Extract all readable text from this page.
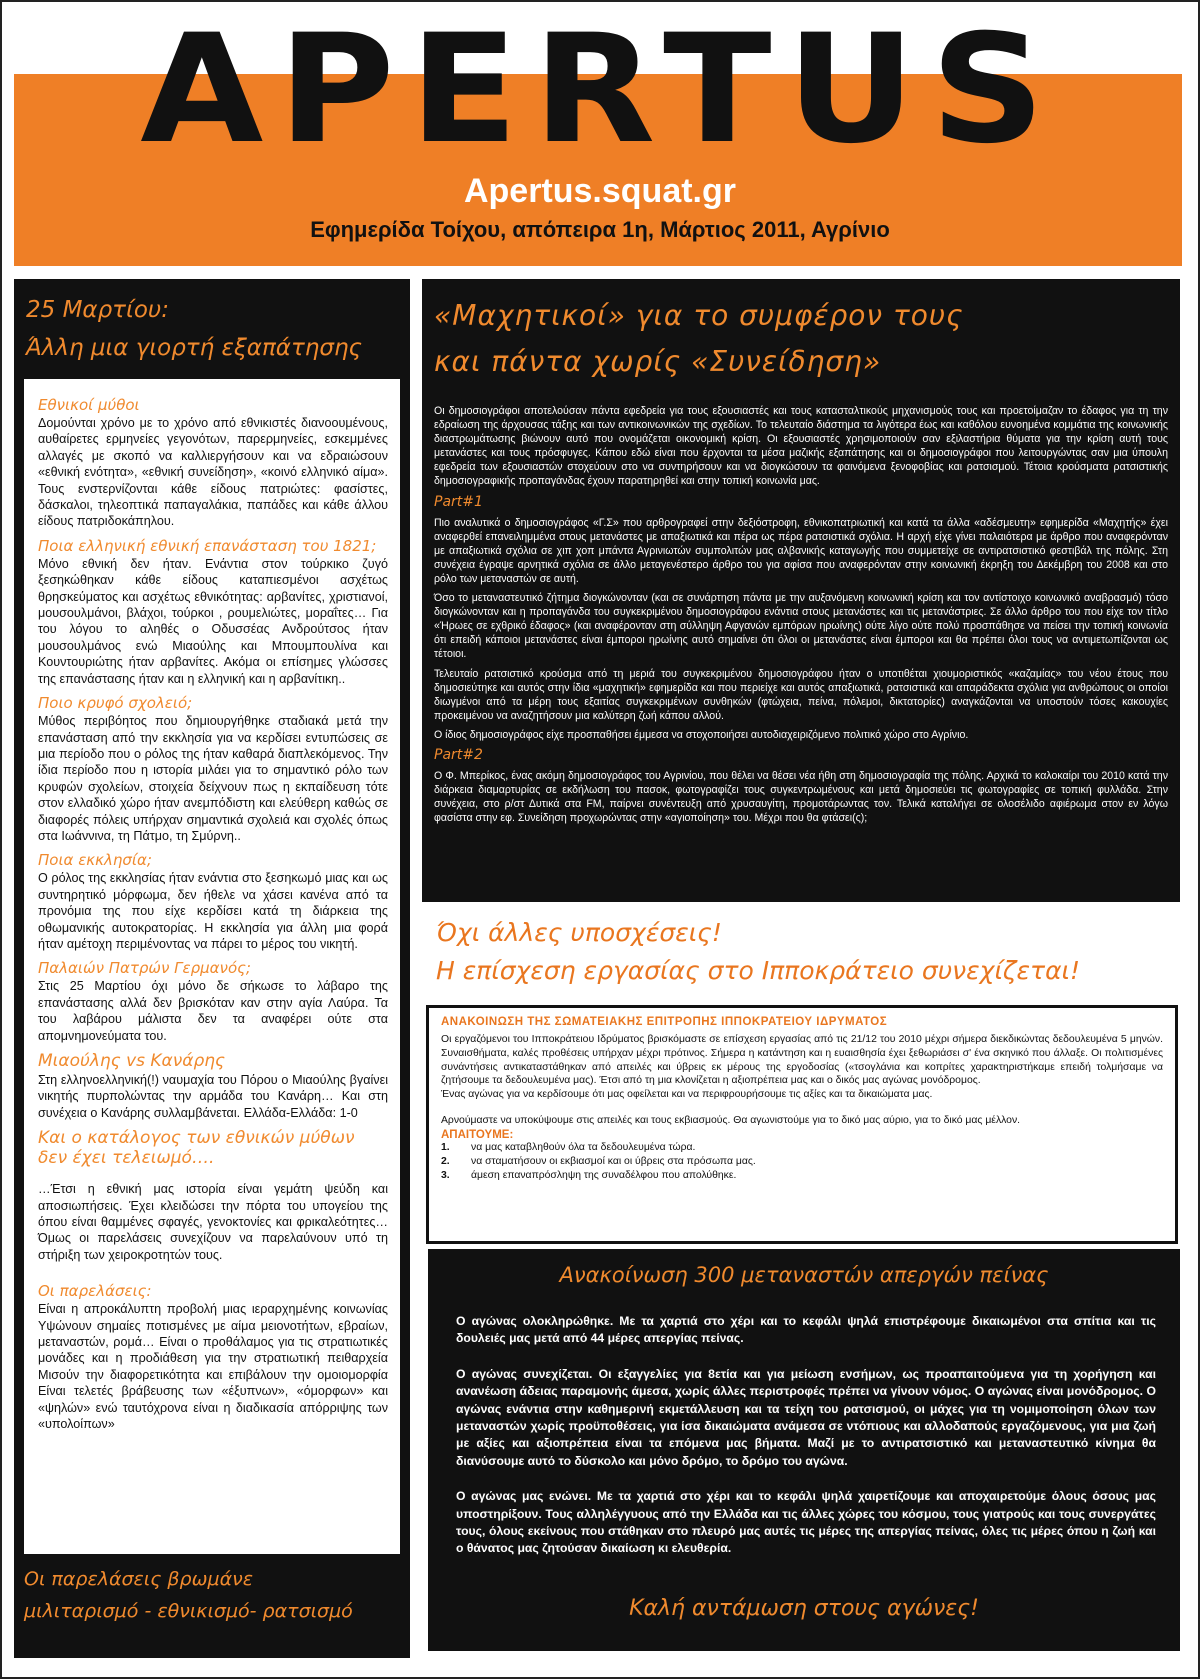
APERTUS
Apertus.squat.gr
Εφημερίδα Τοίχου, απόπειρα 1η, Μάρτιος 2011, Αγρίνιο
25 Μαρτίου:
Άλλη μια γιορτή εξαπάτησης
Εθνικοί μύθοι
Δομούνται χρόνο με το χρόνο από εθνικιστές διανοουμένους, αυθαίρετες ερμηνείες γεγονότων, παρερμηνείες, εσκεμμένες αλλαγές με σκοπό να καλλιεργήσουν και να εδραιώσουν «εθνική ενότητα», «εθνική συνείδηση», «κοινό ελληνικό αίμα». Τους ενστερνίζονται κάθε είδους πατριώτες: φασίστες, δάσκαλοι, τηλεοπτικά παπαγαλάκια, παπάδες και κάθε άλλου είδους πατριδοκάπηλου.
Ποια ελληνική εθνική επανάσταση του 1821;
Μόνο εθνική δεν ήταν. Ενάντια στον τούρκικο ζυγό ξεσηκώθηκαν κάθε είδους καταπιεσμένοι ασχέτως θρησκεύματος και ασχέτως εθνικότητας: αρβανίτες, χριστιανοί, μουσουλμάνοι, βλάχοι, τούρκοι , ρουμελιώτες, μοραΐτες… Για του λόγου το αληθές ο Οδυσσέας Ανδρούτσος ήταν μουσουλμάνος ενώ Μιαούλης και Μπουμπουλίνα και Κουντουριώτης ήταν αρβανίτες. Ακόμα οι επίσημες γλώσσες της επανάστασης ήταν και η ελληνική και η αρβανίτικη..
Ποιο κρυφό σχολειό;
Μύθος περιβόητος που δημιουργήθηκε σταδιακά μετά την επανάσταση από την εκκλησία για να κερδίσει εντυπώσεις σε μια περίοδο που ο ρόλος της ήταν καθαρά διαπλεκόμενος. Την ίδια περίοδο που η ιστορία μιλάει για το σημαντικό ρόλο των κρυφών σχολείων, στοιχεία δείχνουν πως η εκπαίδευση τότε στον ελλαδικό χώρο ήταν ανεμπόδιστη και ελεύθερη καθώς σε διαφορές πόλεις υπήρχαν σημαντικά σχολειά και σχολές όπως στα Ιωάννινα, τη Πάτμο, τη Σμύρνη..
Ποια εκκλησία;
Ο ρόλος της εκκλησίας ήταν ενάντια στο ξεσηκωμό μιας και ως συντηρητικό μόρφωμα, δεν ήθελε να χάσει κανένα από τα προνόμια της που είχε κερδίσει κατά τη διάρκεια της οθωμανικής αυτοκρατορίας. Η εκκλησία για άλλη μια φορά ήταν αμέτοχη περιμένοντας να πάρει το μέρος του νικητή.
Παλαιών Πατρών Γερμανός;
Στις 25 Μαρτίου όχι μόνο δε σήκωσε το λάβαρο της επανάστασης αλλά δεν βρισκόταν καν στην αγία Λαύρα. Τα του λαβάρου μάλιστα δεν τα αναφέρει ούτε στα απομνημονεύματα του.
Μιαούλης vs Κανάρης
Στη ελληνοελληνική(!) ναυμαχία του Πόρου ο Μιαούλης βγαίνει νικητής πυρπολώντας την αρμάδα του Κανάρη… Και στη συνέχεια ο Κανάρης συλλαμβάνεται. Ελλάδα-Ελλάδα: 1-0
Και ο κατάλογος των εθνικών μύθων δεν έχει τελειωμό….
…Έτσι η εθνική μας ιστορία είναι γεμάτη ψεύδη και αποσιωπήσεις. Έχει κλειδώσει την πόρτα του υπογείου της όπου είναι θαμμένες σφαγές, γενοκτονίες και φρικαλεότητες… Όμως οι παρελάσεις συνεχίζουν να παρελαύνουν υπό τη στήριξη των χειροκροτητών τους.
Οι παρελάσεις:
Είναι η απροκάλυπτη προβολή μιας ιεραρχημένης κοινωνίας Υψώνουν σημαίες ποτισμένες με αίμα μειονοτήτων, εβραίων, μεταναστών, ρομά… Είναι ο προθάλαμος για τις στρατιωτικές μονάδες και η προδιάθεση για την στρατιωτική πειθαρχεία Μισούν την διαφορετικότητα και επιβάλουν την ομοιομορφία Είναι τελετές βράβευσης των «έξυπνων», «όμορφων» και «ψηλών» ενώ ταυτόχρονα είναι η διαδικασία απόρριψης των «υπολοίπων»
Οι παρελάσεις βρωμάνε
μιλιταρισμό - εθνικισμό- ρατσισμό
«Μαχητικοί» για το συμφέρον τους
και πάντα χωρίς «Συνείδηση»

Οι δημοσιογράφοι αποτελούσαν πάντα εφεδρεία για τους εξουσιαστές και τους κατασταλτικούς μηχανισμούς τους και προετοίμαζαν το έδαφος για τη την εδραίωση της άρχουσας τάξης και των αντικοινωνικών της σχεδίων. Το τελευταίο διάστημα τα λιγότερα έως και καθόλου ευνοημένα κομμάτια της κοινωνικής διαστρωμάτωσης βιώνουν αυτό που ονομάζεται οικονομική κρίση. Οι εξουσιαστές χρησιμοποιούν σαν εξιλαστήρια θύματα για την κρίση αυτή τους μετανάστες και τους πρόσφυγες. Κάπου εδώ είναι που έρχονται τα μέσα μαζικής εξαπάτησης και οι δημοσιογράφοι που λειτουργώντας σαν μια ύπουλη εφεδρεία των εξουσιαστών στοχεύουν στο να συντηρήσουν και να διογκώσουν τα φαινόμενα ξενοφοβίας και ρατσισμού. Τέτοια κρούσματα ρατσιστικής δημοσιογραφικής προπαγάνδας έχουν παρατηρηθεί και στην τοπική κοινωνία μας.

Part#1

Πιο αναλυτικά ο δημοσιογράφος «Γ.Σ» που αρθρογραφεί στην δεξιόστροφη, εθνικοπατριωτική και κατά τα άλλα «αδέσμευτη» εφημερίδα «Μαχητής» έχει αναφερθεί επανειλημμένα στους μετανάστες με απαξιωτικά και πέρα ως πέρα ρατσιστικά σχόλια. Η αρχή είχε γίνει παλαιότερα με άρθρο που αναφερόνταν με απαξιωτικά σχόλια σε χιπ χοπ μπάντα Αγρινιωτών συμπολιτών μας αλβανικής καταγωγής που συμμετείχε σε αντιρατσιστικό φεστιβάλ της πόλης. Στη συνέχεια έγραψε αρνητικά σχόλια σε άλλο μεταγενέστερο άρθρο του για αφίσα που αναφερόνταν στην κοινωνική έκρηξη του Δεκέμβρη του 2008 και στο ρόλο των μεταναστών σε αυτή.

Όσο το μεταναστευτικό ζήτημα διογκώνονταν (και σε συνάρτηση πάντα με την αυξανόμενη κοινωνική κρίση και τον αντίστοιχο κοινωνικό αναβρασμό) τόσο διογκώνονταν και η προπαγάνδα του συγκεκριμένου δημοσιογράφου ενάντια στους μετανάστες και τις μετανάστριες. Σε άλλο άρθρο του που είχε τον τίτλο «Ήρωες σε εχθρικό έδαφος» (και αναφέρονταν στη σύλληψη Αφγανών εμπόρων ηρωίνης) ούτε λίγο ούτε πολύ προσπάθησε να πείσει την τοπική κοινωνία ότι επειδή κάποιοι μετανάστες είναι έμποροι ηρωίνης αυτό σημαίνει ότι όλοι οι μετανάστες είναι έμποροι και θα πρέπει όλοι τους να αντιμετωπίζονται ως τέτοιοι.

Τελευταίο ρατσιστικό κρούσμα από τη μεριά του συγκεκριμένου δημοσιογράφου ήταν ο υποτιθέται χιουμοριστικός «καζαμίας» του νέου έτους που δημοσιεύτηκε και αυτός στην ίδια «μαχητική» εφημερίδα και που περιείχε και αυτός απαξιωτικά, ρατσιστικά και απαράδεκτα σχόλια για ανθρώπους οι οποίοι διωγμένοι από τα μέρη τους εξαιτίας συγκεκριμένων συνθηκών (φτώχεια, πείνα, πόλεμοι, δικτατορίες) αναγκάζονται να υποστούν τόσες κακουχίες προκειμένου να αναζητήσουν μια καλύτερη ζωή κάπου αλλού.

Ο ίδιος δημοσιογράφος είχε προσπαθήσει έμμεσα να στοχοποιήσει αυτοδιαχειριζόμενο πολιτικό χώρο στο Αγρίνιο.

Part#2

Ο Φ. Μπερίκος, ένας ακόμη δημοσιογράφος του Αγρινίου, που θέλει να θέσει νέα ήθη στη δημοσιογραφία της πόλης. Αρχικά το καλοκαίρι του 2010 κατά την διάρκεια διαμαρτυρίας σε εκδήλωση του πασοκ, φωτογραφίζει τους συγκεντρωμένους και μετά δημοσιεύει τις φωτογραφίες σε τοπική φυλλάδα. Στην συνέχεια, στο ρ/στ Δυτικά στα FM, παίρνει συνέντευξη από χρυσαυγίτη, προμοτάρωντας τον. Τελικά καταλήγει σε ολοσέλιδο αφιέρωμα στον εν λόγω φασίστα στην εφ. Συνείδηση προχωρώντας στην «αγιοποίηση» του. Μέχρι που θα φτάσει(ς);

Όχι άλλες υποσχέσεις!
Η επίσχεση εργασίας στο Ιπποκράτειο συνεχίζεται!
ΑΝΑΚΟΙΝΩΣΗ ΤΗΣ ΣΩΜΑΤΕΙΑΚΗΣ ΕΠΙΤΡΟΠΗΣ ΙΠΠΟΚΡΑΤΕΙΟΥ ΙΔΡΥΜΑΤΟΣ

Οι εργαζόμενοι του Ιπποκράτειου Ιδρύματος βρισκόμαστε σε επίσχεση εργασίας από τις 21/12 του 2010 μέχρι σήμερα διεκδικώντας δεδουλευμένα 5 μηνών. Συναισθήματα, καλές προθέσεις υπήρχαν μέχρι πρότινος. Σήμερα η κατάντηση και η ευαισθησία έχει ξεθωριάσει σ' ένα σκηνικό που άλλαξε. Οι πολιτισμένες συνάντήσεις αντικαταστάθηκαν από απειλές και ύβρεις εκ μέρους της εργοδοσίας («τσογλάνια και κοπρίτες χαρακτηριστήκαμε επειδή τολμήσαμε να ζητήσουμε τα δεδουλευμένα μας). Έτσι από τη μια κλονίζεται η αξιοπρέπεια μας και ο δικός μας αγώνας μονόδρομος.

Ένας αγώνας για να κερδίσουμε ότι μας οφείλεται και να περιφρουρήσουμε τις αξίες και τα δικαιώματα μας.

Αρνούμαστε να υποκύψουμε στις απειλές και τους εκβιασμούς. Θα αγωνιστούμε για το δικό μας αύριο, για το δικό μας μέλλον.

ΑΠΑΙΤΟΥΜΕ:
1. να μας καταβληθούν όλα τα δεδουλευμένα τώρα.
2. να σταματήσουν οι εκβιασμοί και οι ύβρεις στα πρόσωπα μας.
3. άμεση επαναπρόσληψη της συναδέλφου που απολύθηκε.
Ανακοίνωση 300 μεταναστών απεργών πείνας

Ο αγώνας ολοκληρώθηκε. Με τα χαρτιά στο χέρι και το κεφάλι ψηλά επιστρέφουμε δικαιωμένοι στα σπίτια και τις δουλειές μας μετά από 44 μέρες απεργίας πείνας.

Ο αγώνας συνεχίζεται. Οι εξαγγελίες για 8ετία και για μείωση ενσήμων, ως προαπαιτούμενα για τη χορήγηση και ανανέωση άδειας παραμονής άμεσα, χωρίς άλλες περιστροφές πρέπει να γίνουν νόμος. Ο αγώνας είναι μονόδρομος. Ο αγώνας ενάντια στην καθημερινή εκμετάλλευση και τα τείχη του ρατσισμού, οι μάχες για τη νομιμοποίηση όλων των μεταναστών χωρίς προϋποθέσεις, για ίσα δικαιώματα ανάμεσα σε ντόπιους και αλλοδαπούς εργαζόμενους, για μια ζωή με αξίες και αξιοπρέπεια είναι τα επόμενα μας βήματα. Μαζί με το αντιρατσιστικό και μεταναστευτικό κίνημα θα διανύσουμε αυτό το δύσκολο και μόνο δρόμο, το δρόμο του αγώνα.

Ο αγώνας μας ενώνει. Με τα χαρτιά στο χέρι και το κεφάλι ψηλά χαιρετίζουμε και αποχαιρετούμε όλους όσους μας υποστηρίξουν. Τους αλληλέγγυους από την Ελλάδα και τις άλλες χώρες του κόσμου, τους γιατρούς και τους συνεργάτες τους, όλους εκείνους που στάθηκαν στο πλευρό μας αυτές τις μέρες της απεργίας πείνας, όλες τις μέρες όπου η ζωή και ο θάνατος μας ζητούσαν δικαίωση κι ελευθερία.

Καλή αντάμωση στους αγώνες!
